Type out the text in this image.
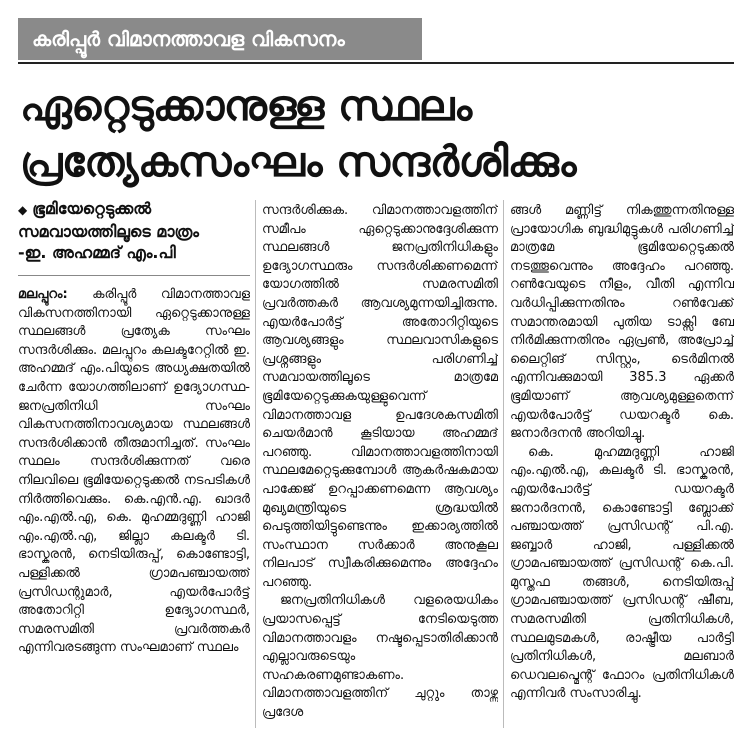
കരിപ്പൂർ വിമാനത്താവള വികസനം
ഏറ്റെടുക്കാനുള്ള സ്ഥലം
പ്രത്യേകസംഘം സന്ദർശിക്കും
◆ ഭൂമിയേറ്റെടുക്കൽ
സമവായത്തിലൂടെ മാത്രം
-ഇ. അഹമ്മദ് എം.പി

മലപ്പുറം: കരിപ്പൂർ വിമാനത്താവള വികസനത്തിനായി ഏറ്റെടുക്കാനുള്ള സ്ഥലങ്ങൾ പ്രത്യേക സംഘം സന്ദർശിക്കും. മലപ്പുറം കലക്ടറേറ്റിൽ ഇ. അഹമ്മദ് എം.പിയുടെ അധ്യക്ഷതയിൽ ചേർന്ന യോഗത്തിലാണ് ഉദ്യോഗസ്ഥ-ജനപ്രതിനിധി സംഘം വികസനത്തിനാവശ്യമായ സ്ഥലങ്ങൾ സന്ദർശിക്കാൻ തീരുമാനിച്ചത്. സംഘം സ്ഥലം സന്ദർശിക്കുന്നത് വരെ നിലവിലെ ഭൂമിയേറ്റെടുക്കൽ നടപടികൾ നിർത്തിവെക്കും. കെ.എൻ.എ. ഖാദർ എം.എൽ.എ, കെ. മുഹമ്മദുണ്ണി ഹാജി എം.എൽ.എ, ജില്ലാ കലക്ടർ ടി. ഭാസ്കരൻ, നെടിയിരുപ്പ്, കൊണ്ടോട്ടി, പള്ളിക്കൽ ഗ്രാമപഞ്ചായത്ത് പ്രസിഡന്റുമാർ, എയർപോർട്ട് അതോറിറ്റി ഉദ്യോഗസ്ഥർ, സമരസമിതി പ്രവർത്തകർ എന്നിവരടങ്ങുന്ന സംഘമാണ് സ്ഥലം

സന്ദർശിക്കുക. വിമാനത്താവളത്തിന് സമീപം ഏറ്റെടുക്കാനുദ്ദേശിക്കുന്ന സ്ഥലങ്ങൾ ജനപ്രതിനിധികളും ഉദ്യോഗസ്ഥരും സന്ദർശിക്കണമെന്ന് യോഗത്തിൽ സമരസമിതി പ്രവർത്തകർ ആവശ്യമുന്നയിച്ചിരുന്നു. എയർപോർട്ട് അതോറിറ്റിയുടെ ആവശ്യങ്ങളും സ്ഥലവാസികളുടെ പ്രശ്നങ്ങളും പരിഗണിച്ച് സമവായത്തിലൂടെ മാത്രമേ ഭൂമിയേറ്റെടുക്കുകയുള്ളുവെന്ന് വിമാനത്താവള ഉപദേശകസമിതി ചെയർമാൻ കൂടിയായ അഹമ്മദ് പറഞ്ഞു. വിമാനത്താവളത്തിനായി സ്ഥലമേറ്റെടുക്കുമ്പോൾ ആകർഷകമായ പാക്കേജ് ഉറപ്പാക്കണമെന്ന ആവശ്യം മുഖ്യമന്ത്രിയുടെ ശ്രദ്ധയിൽ പെടുത്തിയിട്ടുണ്ടെന്നും ഇക്കാര്യത്തിൽ സംസ്ഥാന സർക്കാർ അനുകൂല നിലപാട് സ്വീകരിക്കുമെന്നും അദ്ദേഹം പറഞ്ഞു.

ജനപ്രതിനിധികൾ വളരെയധികം പ്രയാസപ്പെട്ട് നേടിയെടുത്ത വിമാനത്താവളം നഷ്ടപ്പെടാതിരിക്കാൻ എല്ലാവരുടെയും സഹകരണമുണ്ടാകണം. വിമാനത്താവളത്തിന് ചുറ്റും താഴ്ന്ന പ്രദേശ

ങ്ങൾ മണ്ണിട്ട് നികത്തുന്നതിനുള്ള പ്രായോഗിക ബുദ്ധിമുട്ടുകൾ പരിഗണിച്ച് മാത്രമേ ഭൂമിയേറ്റെടുക്കൽ നടത്തൂവെന്നും അദ്ദേഹം പറഞ്ഞു. റൺവേയുടെ നീളം, വീതി എന്നിവ വർധിപ്പിക്കുന്നതിനും റൺവേക്ക് സമാന്തരമായി പുതിയ ടാക്സി ബേ നിർമിക്കുന്നതിനും ഏപ്രൺ, അപ്രോച്ച് ലൈറ്റിങ് സിസ്റ്റം, ടെർമിനൽ എന്നിവക്കുമായി 385.3 ഏക്കർ ഭൂമിയാണ് ആവശ്യമുള്ളതെന്ന് എയർപോർട്ട് ഡയറക്ടർ കെ. ജനാർദനൻ അറിയിച്ചു.

കെ. മുഹമ്മദുണ്ണി ഹാജി എം.എൽ.എ, കലക്ടർ ടി. ഭാസ്കരൻ, എയർപോർട്ട് ഡയറക്ടർ ജനാർദനൻ, കൊണ്ടോട്ടി ബ്ലോക്ക് പഞ്ചായത്ത് പ്രസിഡന്റ് പി.എ. ജബ്ബാർ ഹാജി, പള്ളിക്കൽ ഗ്രാമപഞ്ചായത്ത് പ്രസിഡന്റ് കെ.പി. മുസ്തഫ തങ്ങൾ, നെടിയിരുപ്പ് ഗ്രാമപഞ്ചായത്ത് പ്രസിഡന്റ് ഷീബ, സമരസമിതി പ്രതിനിധികൾ, സ്ഥലമുടമകൾ, രാഷ്ട്രീയ പാർട്ടി പ്രതിനിധികൾ, മലബാർ ഡെവലപ്മെന്റ് ഫോറം പ്രതിനിധികൾ എന്നിവർ സംസാരിച്ചു.
